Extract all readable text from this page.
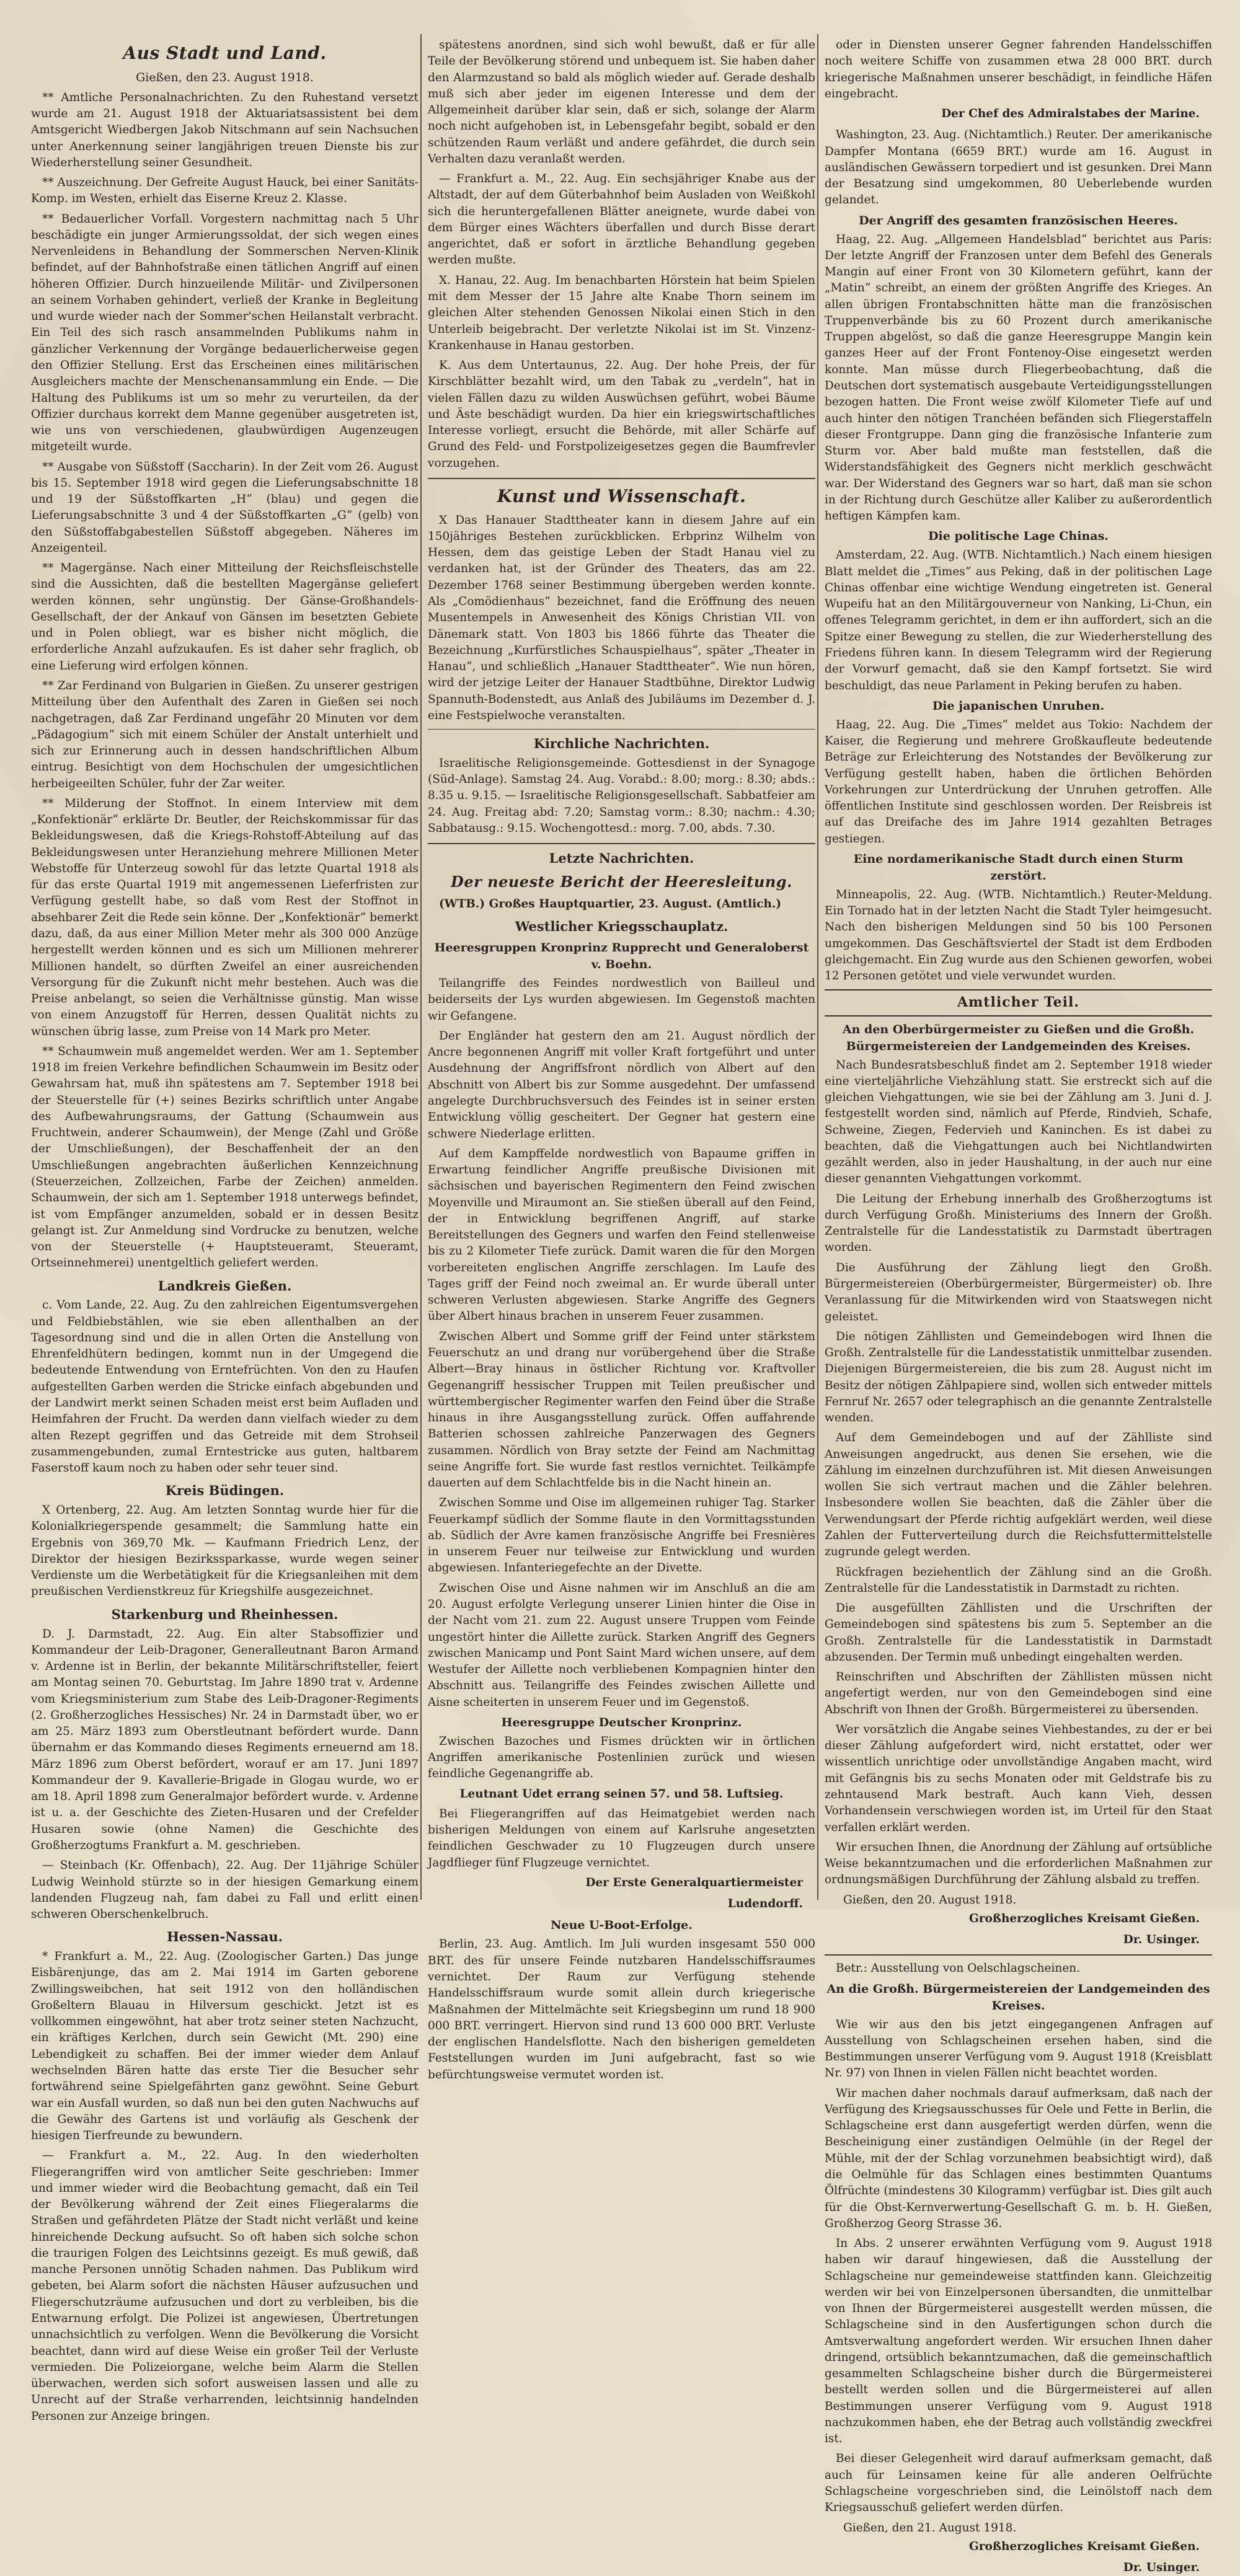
Aus Stadt und Land.
Gießen, den 23. August 1918.

** Amtliche Personalnachrichten. Zu den Ruhestand versetzt wurde am 21. August 1918 der Aktuariatsassistent bei dem Amtsgericht Wiedbergen Jakob Nitschmann auf sein Nachsuchen unter Anerkennung seiner langjährigen treuen Dienste bis zur Wiederherstellung seiner Gesundheit.

** Auszeichnung. Der Gefreite August Hauck, bei einer Sanitäts-Komp. im Westen, erhielt das Eiserne Kreuz 2. Klasse.

** Bedauerlicher Vorfall. Vorgestern nachmittag nach 5 Uhr beschädigte ein junger Armierungssoldat, der sich wegen eines Nervenleidens in Behandlung der Sommerschen Nerven-Klinik befindet, auf der Bahnhofstraße einen tätlichen Angriff auf einen höheren Offizier. Durch hinzueilende Militär- und Zivilpersonen an seinem Vorhaben gehindert, verließ der Kranke in Begleitung und wurde wieder nach der Sommer'schen Heilanstalt verbracht. Ein Teil des sich rasch ansammelnden Publikums nahm in gänzlicher Verkennung der Vorgänge bedauerlicherweise gegen den Offizier Stellung. Erst das Erscheinen eines militärischen Ausgleichers machte der Menschenansammlung ein Ende. — Die Haltung des Publikums ist um so mehr zu verurteilen, da der Offizier durchaus korrekt dem Manne gegenüber ausgetreten ist, wie uns von verschiedenen, glaubwürdigen Augenzeugen mitgeteilt wurde.

** Ausgabe von Süßstoff (Saccharin). In der Zeit vom 26. August bis 15. September 1918 wird gegen die Lieferungsabschnitte 18 und 19 der Süßstoffkarten „H“ (blau) und gegen die Lieferungsabschnitte 3 und 4 der Süßstoffkarten „G“ (gelb) von den Süßstoffabgabestellen Süßstoff abgegeben. Näheres im Anzeigenteil.

** Magergänse. Nach einer Mitteilung der Reichsfleischstelle sind die Aussichten, daß die bestellten Magergänse geliefert werden können, sehr ungünstig. Der Gänse-Großhandels-Gesellschaft, der der Ankauf von Gänsen im besetzten Gebiete und in Polen obliegt, war es bisher nicht möglich, die erforderliche Anzahl aufzukaufen. Es ist daher sehr fraglich, ob eine Lieferung wird erfolgen können.

** Zar Ferdinand von Bulgarien in Gießen. Zu unserer gestrigen Mitteilung über den Aufenthalt des Zaren in Gießen sei noch nachgetragen, daß Zar Ferdinand ungefähr 20 Minuten vor dem „Pädagogium“ sich mit einem Schüler der Anstalt unterhielt und sich zur Erinnerung auch in dessen handschriftlichen Album eintrug. Besichtigt von dem Hochschulen der umgesichtlichen herbeigeeilten Schüler, fuhr der Zar weiter.

** Milderung der Stoffnot. In einem Interview mit dem „Konfektionär“ erklärte Dr. Beutler, der Reichskommissar für das Bekleidungswesen, daß die Kriegs-Rohstoff-Abteilung auf das Bekleidungswesen unter Heranziehung mehrere Millionen Meter Webstoffe für Unterzeug sowohl für das letzte Quartal 1918 als für das erste Quartal 1919 mit angemessenen Lieferfristen zur Verfügung gestellt habe, so daß vom Rest der Stoffnot in absehbarer Zeit die Rede sein könne. Der „Konfektionär“ bemerkt dazu, daß, da aus einer Million Meter mehr als 300 000 Anzüge hergestellt werden können und es sich um Millionen mehrerer Millionen handelt, so dürften Zweifel an einer ausreichenden Versorgung für die Zukunft nicht mehr bestehen. Auch was die Preise anbelangt, so seien die Verhältnisse günstig. Man wisse von einem Anzugstoff für Herren, dessen Qualität nichts zu wünschen übrig lasse, zum Preise von 14 Mark pro Meter.

** Schaumwein muß angemeldet werden. Wer am 1. September 1918 im freien Verkehre befindlichen Schaumwein im Besitz oder Gewahrsam hat, muß ihn spätestens am 7. September 1918 bei der Steuerstelle für (+) seines Bezirks schriftlich unter Angabe des Aufbewahrungsraums, der Gattung (Schaumwein aus Fruchtwein, anderer Schaumwein), der Menge (Zahl und Größe der Umschließungen), der Beschaffenheit der an den Umschließungen angebrachten äußerlichen Kennzeichnung (Steuerzeichen, Zollzeichen, Farbe der Zeichen) anmelden. Schaumwein, der sich am 1. September 1918 unterwegs befindet, ist vom Empfänger anzumelden, sobald er in dessen Besitz gelangt ist. Zur Anmeldung sind Vordrucke zu benutzen, welche von der Steuerstelle (+ Hauptsteueramt, Steueramt, Ortseinnehmerei) unentgeltlich geliefert werden.

Landkreis Gießen.

c. Vom Lande, 22. Aug. Zu den zahlreichen Eigentumsvergehen und Feldbiebstählen, wie sie eben allenthalben an der Tagesordnung sind und die in allen Orten die Anstellung von Ehrenfeldhütern bedingen, kommt nun in der Umgegend die bedeutende Entwendung von Erntefrüchten. Von den zu Haufen aufgestellten Garben werden die Stricke einfach abgebunden und der Landwirt merkt seinen Schaden meist erst beim Aufladen und Heimfahren der Frucht. Da werden dann vielfach wieder zu dem alten Rezept gegriffen und das Getreide mit dem Strohseil zusammengebunden, zumal Erntestricke aus guten, haltbarem Faserstoff kaum noch zu haben oder sehr teuer sind.

Kreis Büdingen.

X Ortenberg, 22. Aug. Am letzten Sonntag wurde hier für die Kolonialkriegerspende gesammelt; die Sammlung hatte ein Ergebnis von 369,70 Mk. — Kaufmann Friedrich Lenz, der Direktor der hiesigen Bezirkssparkasse, wurde wegen seiner Verdienste um die Werbetätigkeit für die Kriegsanleihen mit dem preußischen Verdienstkreuz für Kriegshilfe ausgezeichnet.

Starkenburg und Rheinhessen.

D. J. Darmstadt, 22. Aug. Ein alter Stabsoffizier und Kommandeur der Leib-Dragoner, Generalleutnant Baron Armand v. Ardenne ist in Berlin, der bekannte Militärschriftsteller, feiert am Montag seinen 70. Geburtstag. Im Jahre 1890 trat v. Ardenne vom Kriegsministerium zum Stabe des Leib-Dragoner-Regiments (2. Großherzogliches Hessisches) Nr. 24 in Darmstadt über, wo er am 25. März 1893 zum Oberstleutnant befördert wurde. Dann übernahm er das Kommando dieses Regiments erneuernd am 18. März 1896 zum Oberst befördert, worauf er am 17. Juni 1897 Kommandeur der 9. Kavallerie-Brigade in Glogau wurde, wo er am 18. April 1898 zum Generalmajor befördert wurde. v. Ardenne ist u. a. der Geschichte des Zieten-Husaren und der Crefelder Husaren sowie (ohne Namen) die Geschichte des Großherzogtums Frankfurt a. M. geschrieben.

— Steinbach (Kr. Offenbach), 22. Aug. Der 11jährige Schüler Ludwig Weinhold stürzte so in der hiesigen Gemarkung einem landenden Flugzeug nah, fam dabei zu Fall und erlitt einen schweren Oberschenkelbruch.

Hessen-Nassau.

* Frankfurt a. M., 22. Aug. (Zoologischer Garten.) Das junge Eisbärenjunge, das am 2. Mai 1914 im Garten geborene Zwillingsweibchen, hat seit 1912 von den holländischen Großeltern Blauau in Hilversum geschickt. Jetzt ist es vollkommen eingewöhnt, hat aber trotz seiner steten Nachzucht, ein kräftiges Kerlchen, durch sein Gewicht (Mt. 290) eine Lebendigkeit zu schaffen. Bei der immer wieder dem Anlauf wechselnden Bären hatte das erste Tier die Besucher sehr fortwährend seine Spielgefährten ganz gewöhnt. Seine Geburt war ein Ausfall wurden, so daß nun bei den guten Nachwuchs auf die Gewähr des Gartens ist und vorläufig als Geschenk der hiesigen Tierfreunde zu bewundern.

— Frankfurt a. M., 22. Aug. In den wiederholten Fliegerangriffen wird von amtlicher Seite geschrieben: Immer und immer wieder wird die Beobachtung gemacht, daß ein Teil der Bevölkerung während der Zeit eines Fliegeralarms die Straßen und gefährdeten Plätze der Stadt nicht verläßt und keine hinreichende Deckung aufsucht. So oft haben sich solche schon die traurigen Folgen des Leichtsinns gezeigt. Es muß gewiß, daß manche Personen unnötig Schaden nahmen. Das Publikum wird gebeten, bei Alarm sofort die nächsten Häuser aufzusuchen und Fliegerschutzräume aufzusuchen und dort zu verbleiben, bis die Entwarnung erfolgt. Die Polizei ist angewiesen, Übertretungen unnachsichtlich zu verfolgen. Wenn die Bevölkerung die Vorsicht beachtet, dann wird auf diese Weise ein großer Teil der Verluste vermieden. Die Polizeiorgane, welche beim Alarm die Stellen überwachen, werden sich sofort ausweisen lassen und alle zu Unrecht auf der Straße verharrenden, leichtsinnig handelnden Personen zur Anzeige bringen.

spätestens anordnen, sind sich wohl bewußt, daß er für alle Teile der Bevölkerung störend und unbequem ist. Sie haben daher den Alarmzustand so bald als möglich wieder auf. Gerade deshalb muß sich aber jeder im eigenen Interesse und dem der Allgemeinheit darüber klar sein, daß er sich, solange der Alarm noch nicht aufgehoben ist, in Lebensgefahr begibt, sobald er den schützenden Raum verläßt und andere gefährdet, die durch sein Verhalten dazu veranlaßt werden.

— Frankfurt a. M., 22. Aug. Ein sechsjähriger Knabe aus der Altstadt, der auf dem Güterbahnhof beim Ausladen von Weißkohl sich die heruntergefallenen Blätter aneignete, wurde dabei von dem Bürger eines Wächters überfallen und durch Bisse derart angerichtet, daß er sofort in ärztliche Behandlung gegeben werden mußte.

X. Hanau, 22. Aug. Im benachbarten Hörstein hat beim Spielen mit dem Messer der 15 Jahre alte Knabe Thorn seinem im gleichen Alter stehenden Genossen Nikolai einen Stich in den Unterleib beigebracht. Der verletzte Nikolai ist im St. Vinzenz-Krankenhause in Hanau gestorben.

K. Aus dem Untertaunus, 22. Aug. Der hohe Preis, der für Kirschblätter bezahlt wird, um den Tabak zu „verdeln“, hat in vielen Fällen dazu zu wilden Auswüchsen geführt, wobei Bäume und Äste beschädigt wurden. Da hier ein kriegswirtschaftliches Interesse vorliegt, ersucht die Behörde, mit aller Schärfe auf Grund des Feld- und Forstpolizeigesetzes gegen die Baumfrevler vorzugehen.

Kunst und Wissenschaft.

X Das Hanauer Stadttheater kann in diesem Jahre auf ein 150jähriges Bestehen zurückblicken. Erbprinz Wilhelm von Hessen, dem das geistige Leben der Stadt Hanau viel zu verdanken hat, ist der Gründer des Theaters, das am 22. Dezember 1768 seiner Bestimmung übergeben werden konnte. Als „Comödienhaus“ bezeichnet, fand die Eröffnung des neuen Musentempels in Anwesenheit des Königs Christian VII. von Dänemark statt. Von 1803 bis 1866 führte das Theater die Bezeichnung „Kurfürstliches Schauspielhaus“, später „Theater in Hanau“, und schließlich „Hanauer Stadttheater“. Wie nun hören, wird der jetzige Leiter der Hanauer Stadtbühne, Direktor Ludwig Spannuth-Bodenstedt, aus Anlaß des Jubiläums im Dezember d. J. eine Festspielwoche veranstalten.

Kirchliche Nachrichten.

Israelitische Religionsgemeinde. Gottesdienst in der Synagoge (Süd-Anlage). Samstag 24. Aug. Vorabd.: 8.00; morg.: 8.30; abds.: 8.35 u. 9.15. — Israelitische Religionsgesellschaft. Sabbatfeier am 24. Aug. Freitag abd: 7.20; Samstag vorm.: 8.30; nachm.: 4.30; Sabbatausg.: 9.15. Wochengottesd.: morg. 7.00, abds. 7.30.

Letzte Nachrichten.
Der neueste Bericht der Heeresleitung.

(WTB.) Großes Hauptquartier, 23. August. (Amtlich.)

Westlicher Kriegsschauplatz.
Heeresgruppen Kronprinz Rupprecht und Generaloberst v. Boehn.

Teilangriffe des Feindes nordwestlich von Bailleul und beiderseits der Lys wurden abgewiesen. Im Gegenstoß machten wir Gefangene.

Der Engländer hat gestern den am 21. August nördlich der Ancre begonnenen Angriff mit voller Kraft fortgeführt und unter Ausdehnung der Angriffsfront nördlich von Albert auf den Abschnitt von Albert bis zur Somme ausgedehnt. Der umfassend angelegte Durchbruchsversuch des Feindes ist in seiner ersten Entwicklung völlig gescheitert. Der Gegner hat gestern eine schwere Niederlage erlitten.

Auf dem Kampffelde nordwestlich von Bapaume griffen in Erwartung feindlicher Angriffe preußische Divisionen mit sächsischen und bayerischen Regimentern den Feind zwischen Moyenville und Miraumont an. Sie stießen überall auf den Feind, der in Entwicklung begriffenen Angriff, auf starke Bereitstellungen des Gegners und warfen den Feind stellenweise bis zu 2 Kilometer Tiefe zurück. Damit waren die für den Morgen vorbereiteten englischen Angriffe zerschlagen. Im Laufe des Tages griff der Feind noch zweimal an. Er wurde überall unter schweren Verlusten abgewiesen. Starke Angriffe des Gegners über Albert hinaus brachen in unserem Feuer zusammen.

Zwischen Albert und Somme griff der Feind unter stärkstem Feuerschutz an und drang nur vorübergehend über die Straße Albert—Bray hinaus in östlicher Richtung vor. Kraftvoller Gegenangriff hessischer Truppen mit Teilen preußischer und württembergischer Regimenter warfen den Feind über die Straße hinaus in ihre Ausgangsstellung zurück. Offen auffahrende Batterien schossen zahlreiche Panzerwagen des Gegners zusammen. Nördlich von Bray setzte der Feind am Nachmittag seine Angriffe fort. Sie wurde fast restlos vernichtet. Teilkämpfe dauerten auf dem Schlachtfelde bis in die Nacht hinein an.

Zwischen Somme und Oise im allgemeinen ruhiger Tag. Starker Feuerkampf südlich der Somme flaute in den Vormittagsstunden ab. Südlich der Avre kamen französische Angriffe bei Fresnières in unserem Feuer nur teilweise zur Entwicklung und wurden abgewiesen. Infanteriegefechte an der Divette.

Zwischen Oise und Aisne nahmen wir im Anschluß an die am 20. August erfolgte Verlegung unserer Linien hinter die Oise in der Nacht vom 21. zum 22. August unsere Truppen vom Feinde ungestört hinter die Aillette zurück. Starken Angriff des Gegners zwischen Manicamp und Pont Saint Mard wichen unsere, auf dem Westufer der Aillette noch verbliebenen Kompagnien hinter den Abschnitt aus. Teilangriffe des Feindes zwischen Aillette und Aisne scheiterten in unserem Feuer und im Gegenstoß.

Heeresgruppe Deutscher Kronprinz.

Zwischen Bazoches und Fismes drückten wir in örtlichen Angriffen amerikanische Postenlinien zurück und wiesen feindliche Gegenangriffe ab.

Leutnant Udet errang seinen 57. und 58. Luftsieg.

Bei Fliegerangriffen auf das Heimatgebiet werden nach bisherigen Meldungen von einem auf Karlsruhe angesetzten feindlichen Geschwader zu 10 Flugzeugen durch unsere Jagdflieger fünf Flugzeuge vernichtet.

Der Erste Generalquartiermeister
Ludendorff.
Neue U-Boot-Erfolge.

Berlin, 23. Aug. Amtlich. Im Juli wurden insgesamt 550 000 BRT. des für unsere Feinde nutzbaren Handelsschiffsraumes vernichtet. Der Raum zur Verfügung stehende Handelsschiffsraum wurde somit allein durch kriegerische Maßnahmen der Mittelmächte seit Kriegsbeginn um rund 18 900 000 BRT. verringert. Hiervon sind rund 13 600 000 BRT. Verluste der englischen Handelsflotte. Nach den bisherigen gemeldeten Feststellungen wurden im Juni aufgebracht, fast so wie befürchtungsweise vermutet worden ist.

oder in Diensten unserer Gegner fahrenden Handelsschiffen noch weitere Schiffe von zusammen etwa 28 000 BRT. durch kriegerische Maßnahmen unserer beschädigt, in feindliche Häfen eingebracht.

Der Chef des Admiralstabes der Marine.

Washington, 23. Aug. (Nichtamtlich.) Reuter. Der amerikanische Dampfer Montana (6659 BRT.) wurde am 16. August in ausländischen Gewässern torpediert und ist gesunken. Drei Mann der Besatzung sind umgekommen, 80 Ueberlebende wurden gelandet.

Der Angriff des gesamten französischen Heeres.

Haag, 22. Aug. „Allgemeen Handelsblad“ berichtet aus Paris: Der letzte Angriff der Franzosen unter dem Befehl des Generals Mangin auf einer Front von 30 Kilometern geführt, kann der „Matin“ schreibt, an einem der größten Angriffe des Krieges. An allen übrigen Frontabschnitten hätte man die französischen Truppenverbände bis zu 60 Prozent durch amerikanische Truppen abgelöst, so daß die ganze Heeresgruppe Mangin kein ganzes Heer auf der Front Fontenoy-Oise eingesetzt werden konnte. Man müsse durch Fliegerbeobachtung, daß die Deutschen dort systematisch ausgebaute Verteidigungsstellungen bezogen hatten. Die Front weise zwölf Kilometer Tiefe auf und auch hinter den nötigen Tranchéen befänden sich Fliegerstaffeln dieser Frontgruppe. Dann ging die französische Infanterie zum Sturm vor. Aber bald mußte man feststellen, daß die Widerstandsfähigkeit des Gegners nicht merklich geschwächt war. Der Widerstand des Gegners war so hart, daß man sie schon in der Richtung durch Geschütze aller Kaliber zu außerordentlich heftigen Kämpfen kam.

Die politische Lage Chinas.

Amsterdam, 22. Aug. (WTB. Nichtamtlich.) Nach einem hiesigen Blatt meldet die „Times“ aus Peking, daß in der politischen Lage Chinas offenbar eine wichtige Wendung eingetreten ist. General Wupeifu hat an den Militärgouverneur von Nanking, Li-Chun, ein offenes Telegramm gerichtet, in dem er ihn auffordert, sich an die Spitze einer Bewegung zu stellen, die zur Wiederherstellung des Friedens führen kann. In diesem Telegramm wird der Regierung der Vorwurf gemacht, daß sie den Kampf fortsetzt. Sie wird beschuldigt, das neue Parlament in Peking berufen zu haben.

Die japanischen Unruhen.

Haag, 22. Aug. Die „Times“ meldet aus Tokio: Nachdem der Kaiser, die Regierung und mehrere Großkaufleute bedeutende Beträge zur Erleichterung des Notstandes der Bevölkerung zur Verfügung gestellt haben, haben die örtlichen Behörden Vorkehrungen zur Unterdrückung der Unruhen getroffen. Alle öffentlichen Institute sind geschlossen worden. Der Reisbreis ist auf das Dreifache des im Jahre 1914 gezahlten Betrages gestiegen.

Eine nordamerikanische Stadt durch einen Sturm zerstört.

Minneapolis, 22. Aug. (WTB. Nichtamtlich.) Reuter-Meldung. Ein Tornado hat in der letzten Nacht die Stadt Tyler heimgesucht. Nach den bisherigen Meldungen sind 50 bis 100 Personen umgekommen. Das Geschäftsviertel der Stadt ist dem Erdboden gleichgemacht. Ein Zug wurde aus den Schienen geworfen, wobei 12 Personen getötet und viele verwundet wurden.

Amtlicher Teil.
An den Oberbürgermeister zu Gießen und die Großh. Bürgermeistereien der Landgemeinden des Kreises.

Nach Bundesratsbeschluß findet am 2. September 1918 wieder eine vierteljährliche Viehzählung statt. Sie erstreckt sich auf die gleichen Viehgattungen, wie sie bei der Zählung am 3. Juni d. J. festgestellt worden sind, nämlich auf Pferde, Rindvieh, Schafe, Schweine, Ziegen, Federvieh und Kaninchen. Es ist dabei zu beachten, daß die Viehgattungen auch bei Nichtlandwirten gezählt werden, also in jeder Haushaltung, in der auch nur eine dieser genannten Viehgattungen vorkommt.

Die Leitung der Erhebung innerhalb des Großherzogtums ist durch Verfügung Großh. Ministeriums des Innern der Großh. Zentralstelle für die Landesstatistik zu Darmstadt übertragen worden.

Die Ausführung der Zählung liegt den Großh. Bürgermeistereien (Oberbürgermeister, Bürgermeister) ob. Ihre Veranlassung für die Mitwirkenden wird von Staatswegen nicht geleistet.

Die nötigen Zähllisten und Gemeindebogen wird Ihnen die Großh. Zentralstelle für die Landesstatistik unmittelbar zusenden. Diejenigen Bürgermeistereien, die bis zum 28. August nicht im Besitz der nötigen Zählpapiere sind, wollen sich entweder mittels Fernruf Nr. 2657 oder telegraphisch an die genannte Zentralstelle wenden.

Auf dem Gemeindebogen und auf der Zählliste sind Anweisungen angedruckt, aus denen Sie ersehen, wie die Zählung im einzelnen durchzuführen ist. Mit diesen Anweisungen wollen Sie sich vertraut machen und die Zähler belehren. Insbesondere wollen Sie beachten, daß die Zähler über die Verwendungsart der Pferde richtig aufgeklärt werden, weil diese Zahlen der Futterverteilung durch die Reichsfuttermittelstelle zugrunde gelegt werden.

Rückfragen beziehentlich der Zählung sind an die Großh. Zentralstelle für die Landesstatistik in Darmstadt zu richten.

Die ausgefüllten Zähllisten und die Urschriften der Gemeindebogen sind spätestens bis zum 5. September an die Großh. Zentralstelle für die Landesstatistik in Darmstadt abzusenden. Der Termin muß unbedingt eingehalten werden.

Reinschriften und Abschriften der Zähllisten müssen nicht angefertigt werden, nur von den Gemeindebogen sind eine Abschrift von Ihnen der Großh. Bürgermeisterei zu übersenden.

Wer vorsätzlich die Angabe seines Viehbestandes, zu der er bei dieser Zählung aufgefordert wird, nicht erstattet, oder wer wissentlich unrichtige oder unvollständige Angaben macht, wird mit Gefängnis bis zu sechs Monaten oder mit Geldstrafe bis zu zehntausend Mark bestraft. Auch kann Vieh, dessen Vorhandensein verschwiegen worden ist, im Urteil für den Staat verfallen erklärt werden.

Wir ersuchen Ihnen, die Anordnung der Zählung auf ortsübliche Weise bekanntzumachen und die erforderlichen Maßnahmen zur ordnungsmäßigen Durchführung der Zählung alsbald zu treffen.

Gießen, den 20. August 1918.
Großherzogliches Kreisamt Gießen.
Dr. Usinger.

Betr.: Ausstellung von Oelschlagscheinen.

An die Großh. Bürgermeistereien der Landgemeinden des Kreises.

Wie wir aus den bis jetzt eingegangenen Anfragen auf Ausstellung von Schlagscheinen ersehen haben, sind die Bestimmungen unserer Verfügung vom 9. August 1918 (Kreisblatt Nr. 97) von Ihnen in vielen Fällen nicht beachtet worden.

Wir machen daher nochmals darauf aufmerksam, daß nach der Verfügung des Kriegsausschusses für Oele und Fette in Berlin, die Schlagscheine erst dann ausgefertigt werden dürfen, wenn die Bescheinigung einer zuständigen Oelmühle (in der Regel der Mühle, mit der der Schlag vorzunehmen beabsichtigt wird), daß die Oelmühle für das Schlagen eines bestimmten Quantums Ölfrüchte (mindestens 30 Kilogramm) verfügbar ist. Dies gilt auch für die Obst-Kernverwertung-Gesellschaft G. m. b. H. Gießen, Großherzog Georg Strasse 36.

In Abs. 2 unserer erwähnten Verfügung vom 9. August 1918 haben wir darauf hingewiesen, daß die Ausstellung der Schlagscheine nur gemeindeweise stattfinden kann. Gleichzeitig werden wir bei von Einzelpersonen übersandten, die unmittelbar von Ihnen der Bürgermeisterei ausgestellt werden müssen, die Schlagscheine sind in den Ausfertigungen schon durch die Amtsverwaltung angefordert werden. Wir ersuchen Ihnen daher dringend, ortsüblich bekanntzumachen, daß die gemeinschaftlich gesammelten Schlagscheine bisher durch die Bürgermeisterei bestellt werden sollen und die Bürgermeisterei auf allen Bestimmungen unserer Verfügung vom 9. August 1918 nachzukommen haben, ehe der Betrag auch vollständig zweckfrei ist.

Bei dieser Gelegenheit wird darauf aufmerksam gemacht, daß auch für Leinsamen keine für alle anderen Oelfrüchte Schlagscheine vorgeschrieben sind, die Leinölstoff nach dem Kriegsausschuß geliefert werden dürfen.

Gießen, den 21. August 1918.
Großherzogliches Kreisamt Gießen.
Dr. Usinger.
